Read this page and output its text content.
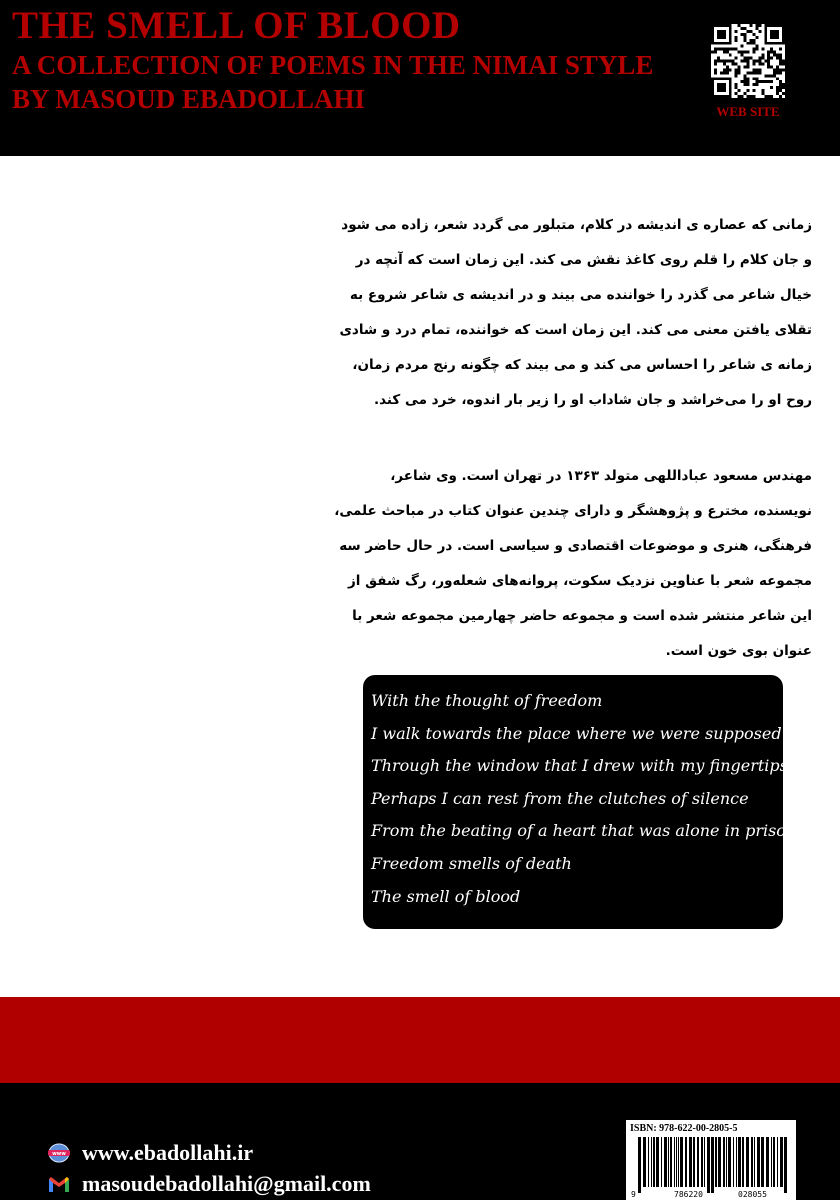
THE SMELL OF BLOOD
A COLLECTION OF POEMS IN THE NIMAI STYLE
BY MASOUD EBADOLLAHI	WEB SITE
زمانی که عصاره ی اندیشه در کلام، متبلور می گردد شعر، زاده می شود و جان کلام را قلم روی کاغذ نقش می کند. این زمان است که آنچه در خیال شاعر می گذرد را خواننده می بیند و در اندیشه ی شاعر شروع به تقلای یافتن معنی می کند. این زمان است که خواننده، تمام درد و شادی زمانه ی شاعر را احساس می کند و می بیند که چگونه رنج مردم زمان، روح او را می‌خراشد و جان شاداب او را زیر بار اندوه، خرد می کند.
مهندس مسعود عباداللهی متولد ۱۳۶۳ در تهران است. وی شاعر، نویسنده، مخترع و پژوهشگر و دارای چندین عنوان کتاب در مباحث علمی، فرهنگی، هنری و موضوعات اقتصادی و سیاسی است. در حال حاضر سه مجموعه شعر با عناوین نزدیک سکوت، پروانه‌های شعله‌ور، رگ شفق از این شاعر منتشر شده است و مجموعه حاضر چهارمین مجموعه شعر با عنوان بوی خون است.
With the thought of freedom
I walk towards the place where we were supposed to be
Through the window that I drew with my fingertips
Perhaps I can rest from the clutches of silence
From the beating of a heart that was alone in prison
Freedom smells of death
The smell of blood
www www.ebadollahi.ir
masoudebadollahi@gmail.com
ISBN: 978-622-00-2805-5
9	786220	028055
